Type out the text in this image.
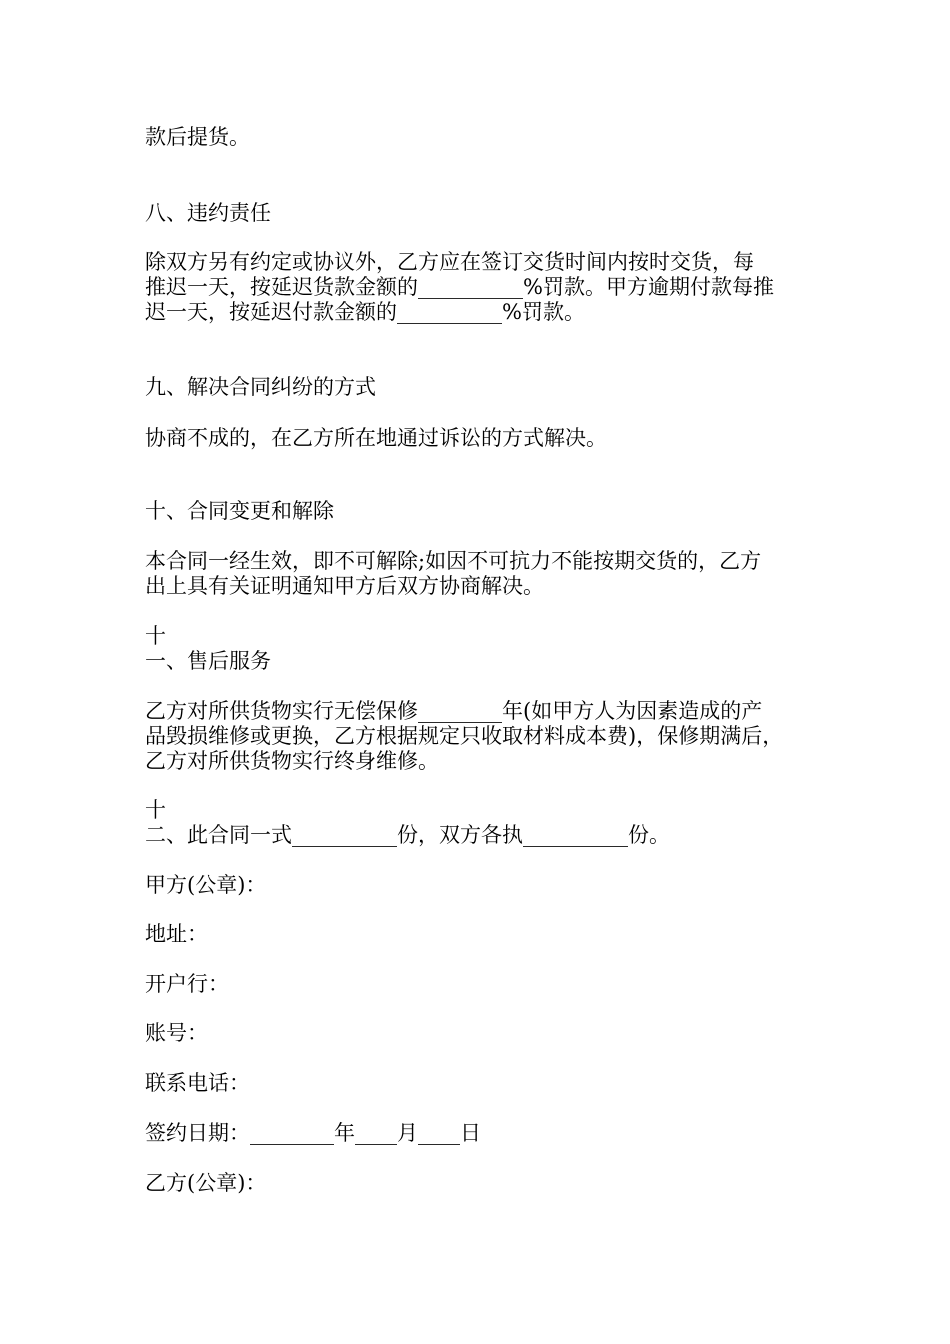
款后提货。
八、违约责任
除双方另有约定或协议外，乙方应在签订交货时间内按时交货，每
推迟一天，按延迟货款金额的__________%罚款。甲方逾期付款每推
迟一天，按延迟付款金额的__________%罚款。
九、解决合同纠纷的方式
协商不成的，在乙方所在地通过诉讼的方式解决。
十、合同变更和解除
本合同一经生效，即不可解除;如因不可抗力不能按期交货的，乙方
出上具有关证明通知甲方后双方协商解决。
十
一、售后服务
乙方对所供货物实行无偿保修________年(如甲方人为因素造成的产
品毁损维修或更换，乙方根据规定只收取材料成本费)，保修期满后，
乙方对所供货物实行终身维修。
十
二、此合同一式__________份，双方各执__________份。
甲方(公章)：
地址：
开户行：
账号：
联系电话：
签约日期：________年____月____日
乙方(公章)：
